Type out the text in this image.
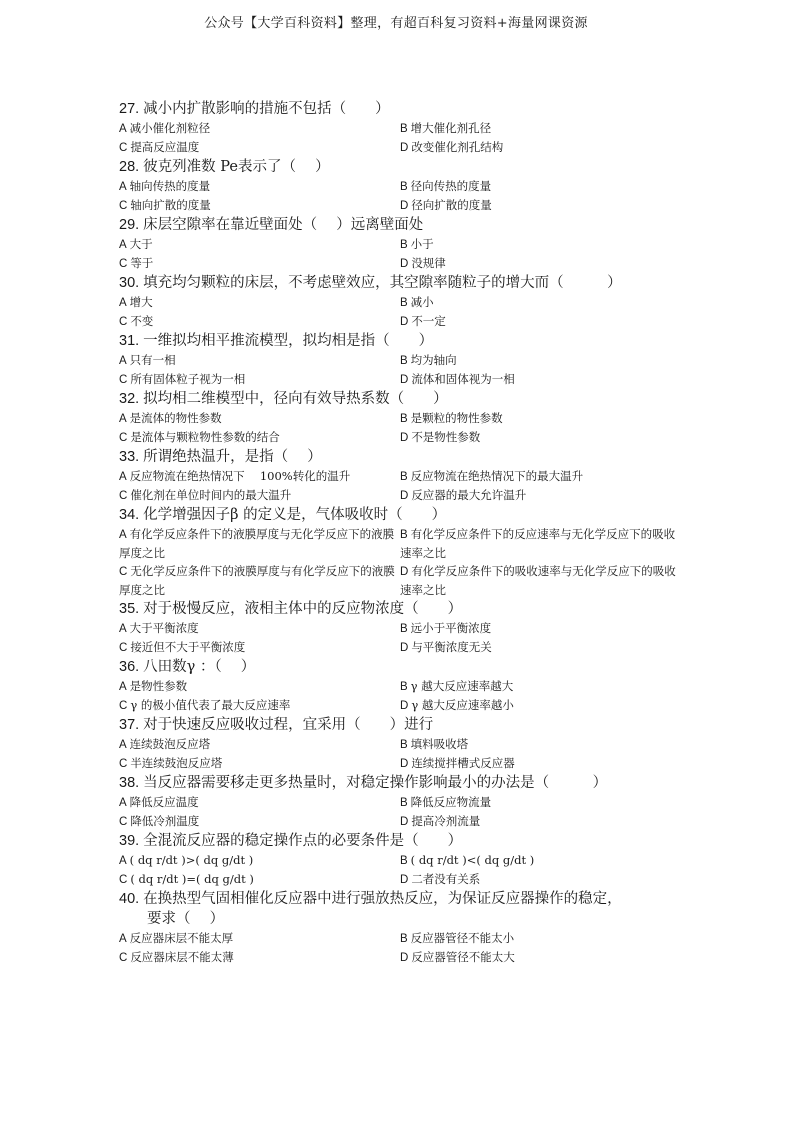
公众号【大学百科资料】整理，有超百科复习资料+海量网课资源
27. 减小内扩散影响的措施不包括（　　）
A 减小催化剂粒径	B 增大催化剂孔径
C 提高反应温度	D 改变催化剂孔结构
28. 彼克列准数 Pe表示了（　 ）
A 轴向传热的度量	B 径向传热的度量
C 轴向扩散的度量	D 径向扩散的度量
29. 床层空隙率在靠近壁面处（　 ）远离壁面处
A 大于	B 小于
C 等于	D 没规律
30. 填充均匀颗粒的床层，不考虑壁效应，其空隙率随粒子的增大而（　　　）
A 增大	B 减小
C 不变	D 不一定
31. 一维拟均相平推流模型，拟均相是指（　　）
A 只有一相	B 均为轴向
C 所有固体粒子视为一相	D 流体和固体视为一相
32. 拟均相二维模型中，径向有效导热系数（　　）
A 是流体的物性参数	B 是颗粒的物性参数
C 是流体与颗粒物性参数的结合	D 不是物性参数
33. 所谓绝热温升，是指（　 ）
A 反应物流在绝热情况下　 100%转化的温升	B 反应物流在绝热情况下的最大温升
C 催化剂在单位时间内的最大温升	D 反应器的最大允许温升
34. 化学增强因子β 的定义是，气体吸收时（　　）
A 有化学反应条件下的液膜厚度与无化学反应下的液膜厚度之比
B 有化学反应条件下的反应速率与无化学反应下的吸收速率之比
C 无化学反应条件下的液膜厚度与有化学反应下的液膜厚度之比
D 有化学反应条件下的吸收速率与无化学反应下的吸收速率之比
35. 对于极慢反应，液相主体中的反应物浓度（　　）
A 大于平衡浓度	B 远小于平衡浓度
C 接近但不大于平衡浓度	D 与平衡浓度无关
36. 八田数γ ：（　 ）
A 是物性参数	B γ 越大反应速率越大
C γ 的极小值代表了最大反应速率	D γ 越大反应速率越小
37. 对于快速反应吸收过程，宜采用（　　）进行
A 连续鼓泡反应塔	B 填料吸收塔
C 半连续鼓泡反应塔	D 连续搅拌槽式反应器
38. 当反应器需要移走更多热量时，对稳定操作影响最小的办法是（　　　）
A 降低反应温度	B 降低反应物流量
C 降低冷剂温度	D 提高冷剂流量
39. 全混流反应器的稳定操作点的必要条件是（　　）
A ( dq r/dt )>( dq g/dt )	B ( dq r/dt )<( dq g/dt )
C ( dq r/dt )=( dq g/dt )	D 二者没有关系
40. 在换热型气固相催化反应器中进行强放热反应，为保证反应器操作的稳定，
要求（　 ）
A 反应器床层不能太厚	B 反应器管径不能太小
C 反应器床层不能太薄	D 反应器管径不能太大
